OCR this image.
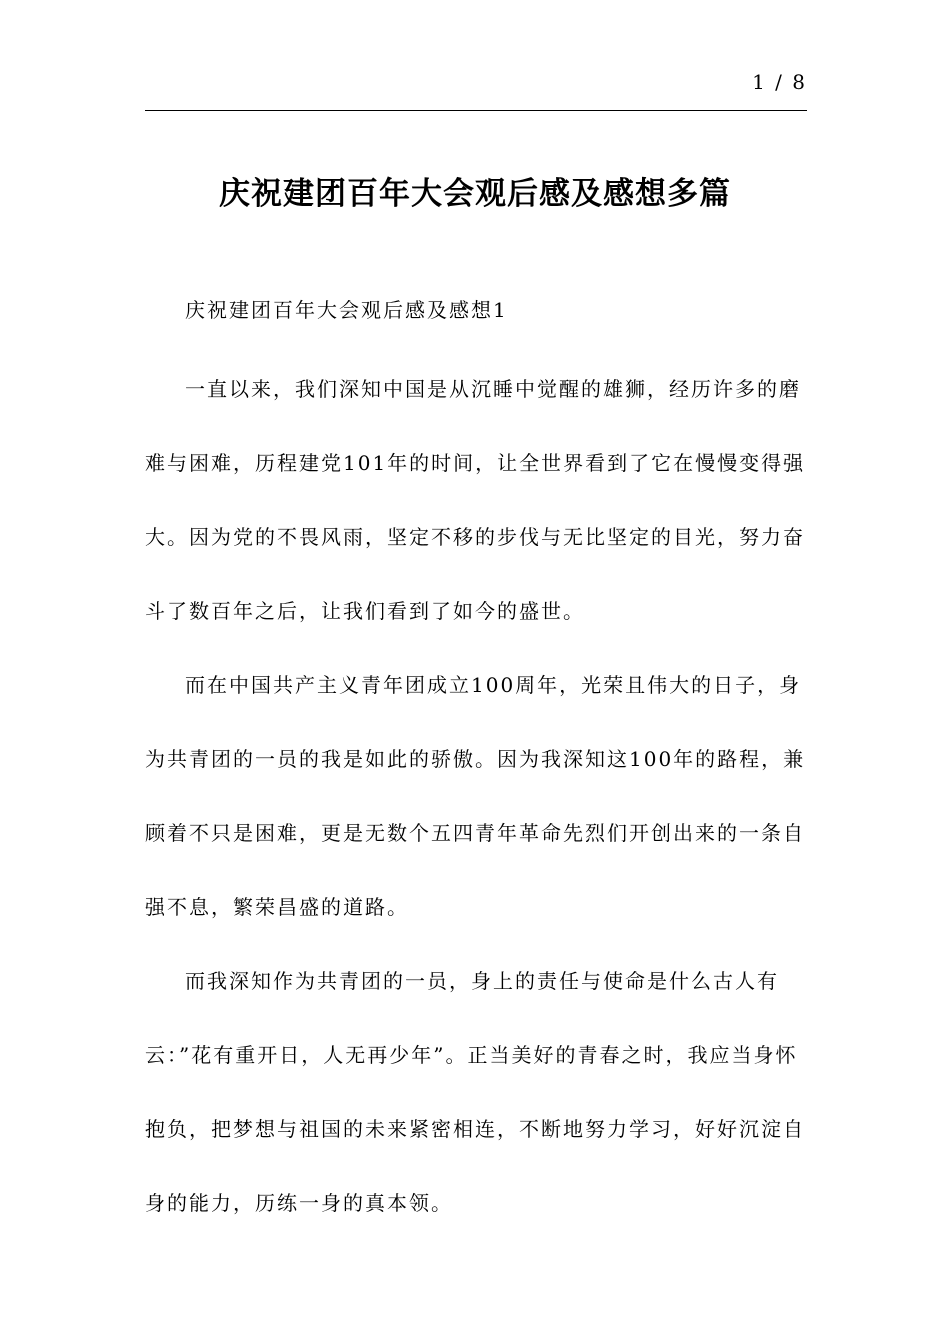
1 / 8
庆祝建团百年大会观后感及感想多篇

庆祝建团百年大会观后感及感想1

一直以来，我们深知中国是从沉睡中觉醒的雄狮，经历许多的磨难与困难，历程建党101年的时间，让全世界看到了它在慢慢变得强大。因为党的不畏风雨，坚定不移的步伐与无比坚定的目光，努力奋斗了数百年之后，让我们看到了如今的盛世。

而在中国共产主义青年团成立100周年，光荣且伟大的日子，身为共青团的一员的我是如此的骄傲。因为我深知这100年的路程，兼顾着不只是困难，更是无数个五四青年革命先烈们开创出来的一条自强不息，繁荣昌盛的道路。

而我深知作为共青团的一员，身上的责任与使命是什么古人有云：”花有重开日，人无再少年”。正当美好的青春之时，我应当身怀抱负，把梦想与祖国的未来紧密相连，不断地努力学习，好好沉淀自身的能力，历练一身的真本领。
